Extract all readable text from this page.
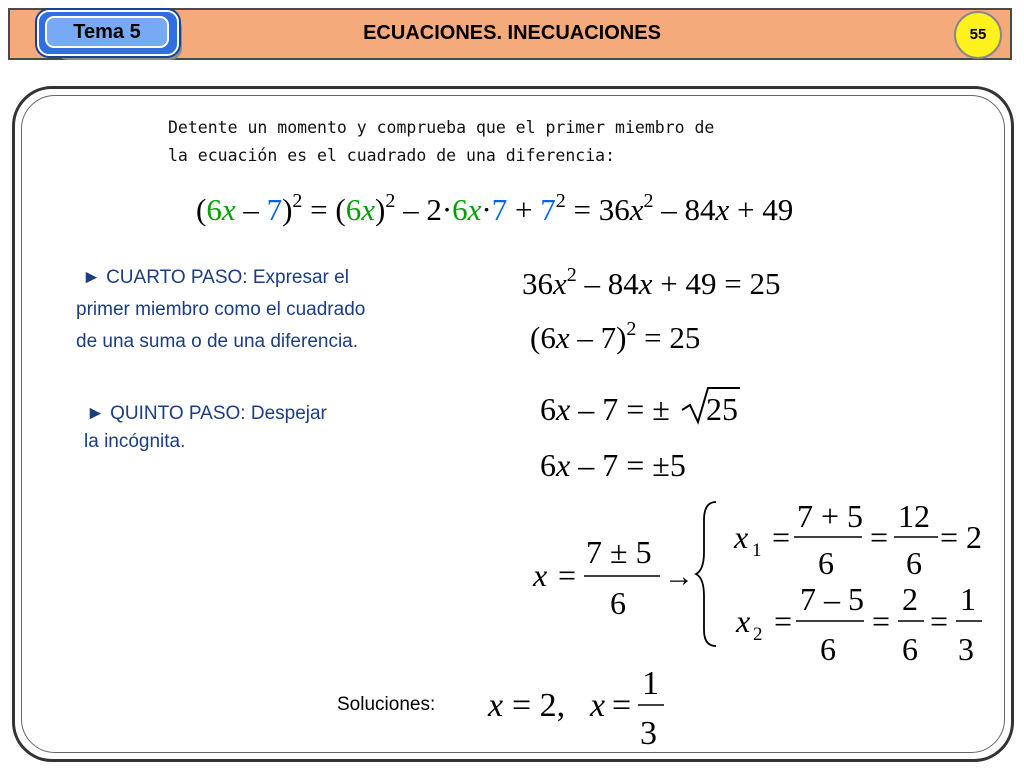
ECUACIONES. INECUACIONES
Tema 5	55
Detente un momento y comprueba que el primer miembro de
la ecuación es el cuadrado de una diferencia:
$(6x - 7)^2 = (6x)^2 - 2\cdot 6x\cdot 7 + 7^2 = 36x^2 - 84x + 49$
$36x^2 - 84x + 49 = 25$
(6x – 7)$^2$ = 25
6x – 7 = ± 25
6x – 7 = ±5
x =
7 ± 5
6
→
x 1 =
7 + 5
6
=
12
6
= 2
x 2 =
7 – 5
6
=
2
6
=
1
3
x = 2, x =
1
3
► CUARTO PASO: Expresar el
primer miembro como el cuadrado
de una suma o de una diferencia.
► QUINTO PASO: Despejar
la incógnita.
Soluciones:
